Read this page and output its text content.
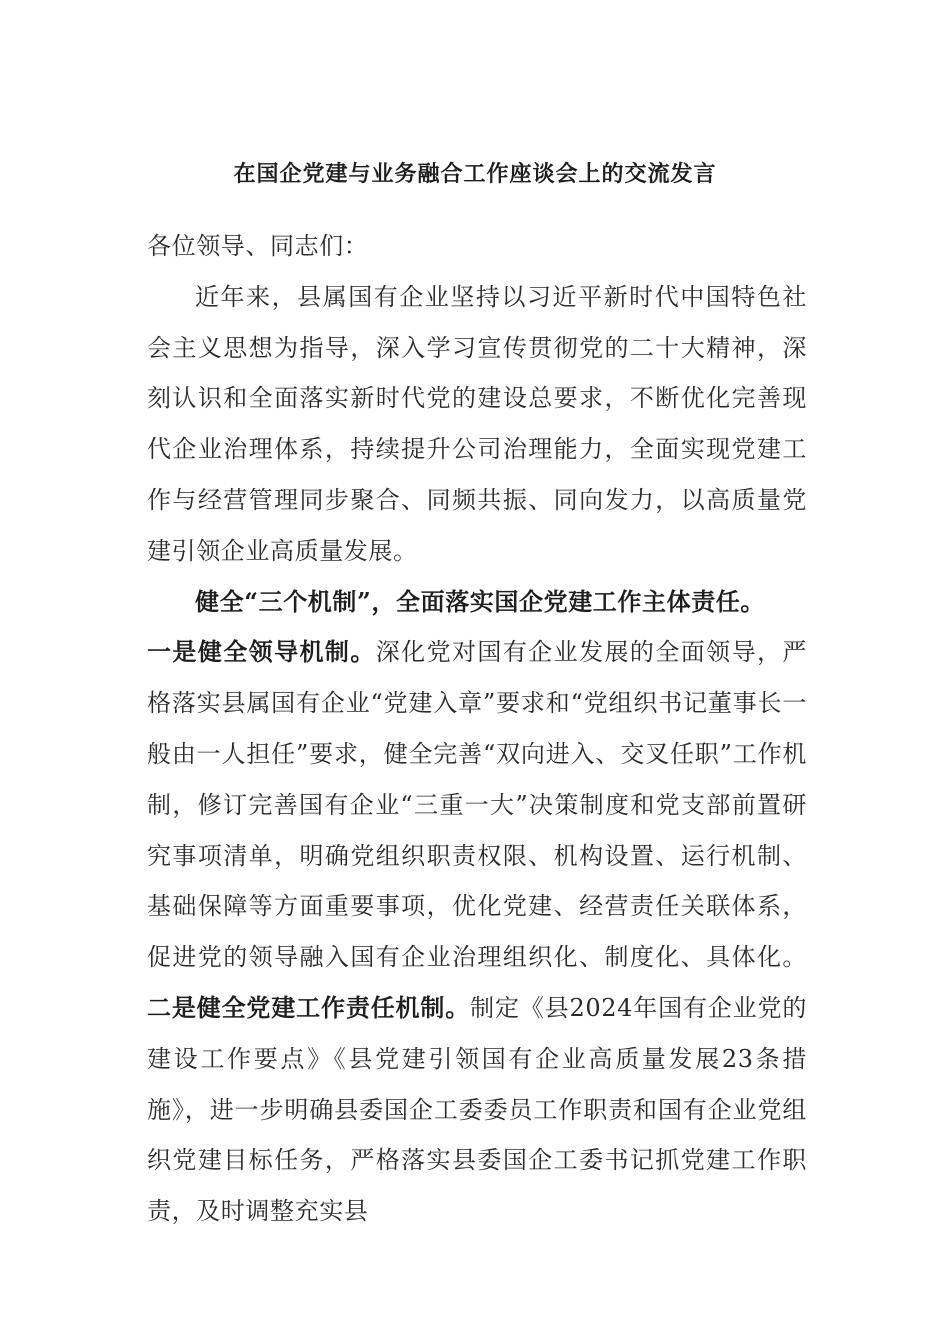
在国企党建与业务融合工作座谈会上的交流发言

各位领导、同志们：

近年来，县属国有企业坚持以习近平新时代中国特色社会主义思想为指导，深入学习宣传贯彻党的二十大精神，深刻认识和全面落实新时代党的建设总要求，不断优化完善现代企业治理体系，持续提升公司治理能力，全面实现党建工作与经营管理同步聚合、同频共振、同向发力，以高质量党建引领企业高质量发展。

健全“三个机制”，全面落实国企党建工作主体责任。

一是健全领导机制。深化党对国有企业发展的全面领导，严格落实县属国有企业“党建入章”要求和“党组织书记董事长一般由一人担任”要求，健全完善“双向进入、交叉任职”工作机制，修订完善国有企业“三重一大”决策制度和党支部前置研究事项清单，明确党组织职责权限、机构设置、运行机制、基础保障等方面重要事项，优化党建、经营责任关联体系，促进党的领导融入国有企业治理组织化、制度化、具体化。二是健全党建工作责任机制。制定《县2024年国有企业党的建设工作要点》《县党建引领国有企业高质量发展23条措施》，进一步明确县委国企工委委员工作职责和国有企业党组织党建目标任务，严格落实县委国企工委书记抓党建工作职责，及时调整充实县
